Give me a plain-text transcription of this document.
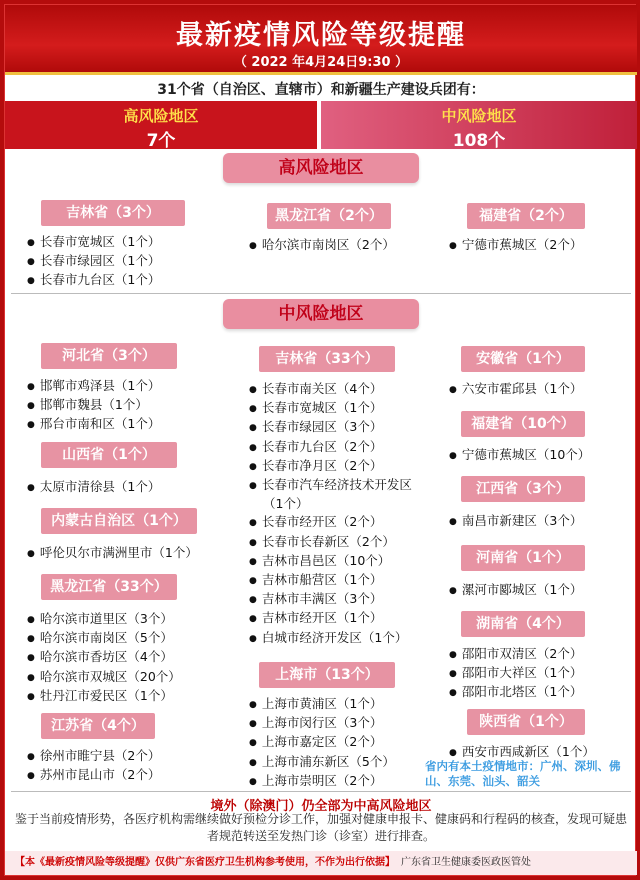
最新疫情风险等级提醒
（ 2022 年4月24日9:30 ）
31个省（自治区、直辖市）和新疆生产建设兵团有：
高风险地区
7个
中风险地区
108个
高风险地区
吉林省（3个）
● 长春市宽城区（1个）
● 长春市绿园区（1个）
● 长春市九台区（1个）
黑龙江省（2个）
● 哈尔滨市南岗区（2个）
福建省（2个）
● 宁德市蕉城区（2个）
中风险地区
河北省（3个）
● 邯郸市鸡泽县（1个）
● 邯郸市魏县（1个）
● 邢台市南和区（1个）
山西省（1个）
● 太原市清徐县（1个）
内蒙古自治区（1个）
● 呼伦贝尔市满洲里市（1个）
黑龙江省（33个）
● 哈尔滨市道里区（3个）
● 哈尔滨市南岗区（5个）
● 哈尔滨市香坊区（4个）
● 哈尔滨市双城区（20个）
● 牡丹江市爱民区（1个）
江苏省（4个）
● 徐州市睢宁县（2个）
● 苏州市昆山市（2个）
吉林省（33个）
● 长春市南关区（4个）
● 长春市宽城区（1个）
● 长春市绿园区（3个）
● 长春市九台区（2个）
● 长春市净月区（2个）
● 长春市汽车经济技术开发区（1个）
● 长春市经开区（2个）
● 长春市长春新区（2个）
● 吉林市昌邑区（10个）
● 吉林市船营区（1个）
● 吉林市丰满区（3个）
● 吉林市经开区（1个）
● 白城市经济开发区（1个）
上海市（13个）
● 上海市黄浦区（1个）
● 上海市闵行区（3个）
● 上海市嘉定区（2个）
● 上海市浦东新区（5个）
● 上海市崇明区（2个）
安徽省（1个）
● 六安市霍邱县（1个）
福建省（10个）
● 宁德市蕉城区（10个）
江西省（3个）
● 南昌市新建区（3个）
河南省（1个）
● 漯河市郾城区（1个）
湖南省（4个）
● 邵阳市双清区（2个）
● 邵阳市大祥区（1个）
● 邵阳市北塔区（1个）
陕西省（1个）
● 西安市西咸新区（1个）
省内有本土疫情地市：广州、深圳、佛山、东莞、汕头、韶关
境外（除澳门）仍全部为中高风险地区
鉴于当前疫情形势，各医疗机构需继续做好预检分诊工作，加强对健康申报卡、健康码和行程码的核查，发现可疑患者规范转送至发热门诊（诊室）进行排查。
【本《最新疫情风险等级提醒》仅供广东省医疗卫生机构参考使用，不作为出行依据】 广东省卫生健康委医政医管处
